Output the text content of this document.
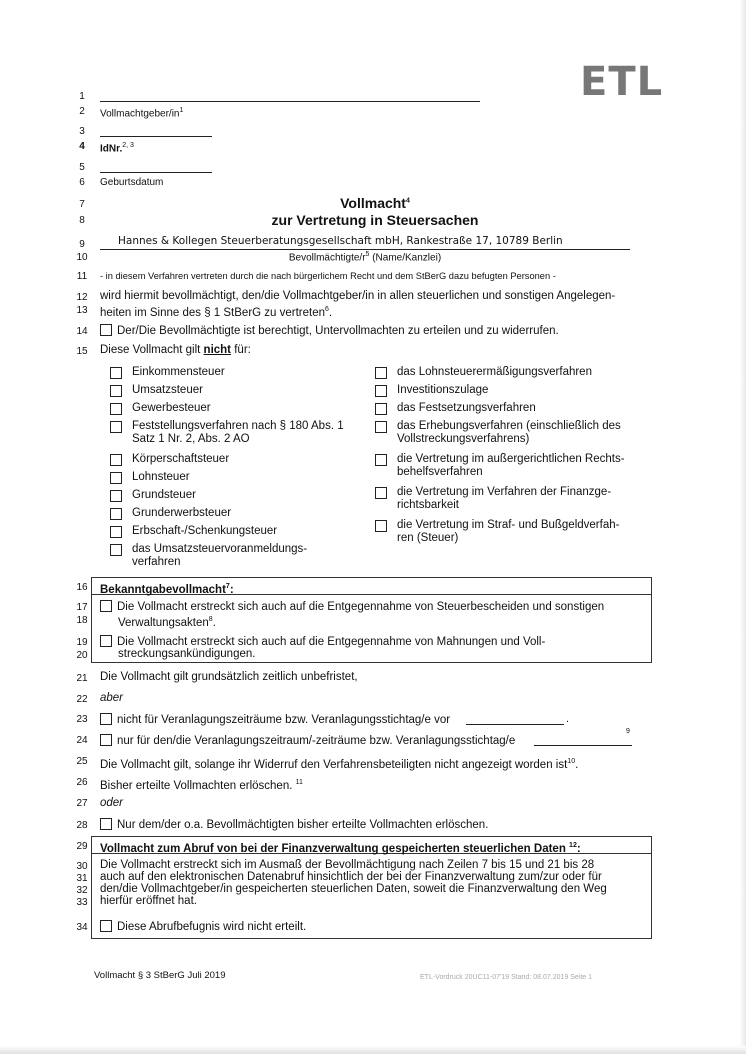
ETL
1
2
3
4
5
6
7
8
9
10
11
12
13
14
15
16
17
18
19
20
21
22
23
24
25
26
27
28
29
30
31
32
33
34
Vollmachtgeber/$in^1$
IdNr.$^{2, 3}$
Geburtsdatum
Vollmacht$^4$
zur Vertretung in Steuersachen
Hannes & Kollegen Steuerberatungsgesellschaft mbH, Rankestraße 17, 10789 Berlin
Bevollmächtigte/$r^5$ (Name/Kanzlei)
- in diesem Verfahren vertreten durch die nach bürgerlichem Recht und dem StBerG dazu befugten Personen -
wird hiermit bevollmächtigt, den/die Vollmachtgeber/in in allen steuerlichen und sonstigen Angelegen-
heiten im Sinne des § 1 StBerG zu vertreten$^6$.
Der/Die Bevollmächtigte ist berechtigt, Untervollmachten zu erteilen und zu widerrufen.
Diese Vollmacht gilt nicht für:
Einkommensteuer
Umsatzsteuer
Gewerbesteuer
Feststellungsverfahren nach § 180 Abs. 1
Satz 1 Nr. 2, Abs. 2 AO
Körperschaftsteuer
Lohnsteuer
Grundsteuer
Grunderwerbsteuer
Erbschaft-/Schenkungsteuer
das Umsatzsteuervoranmeldungs-
verfahren
das Lohnsteuerermäßigungsverfahren
Investitionszulage
das Festsetzungsverfahren
das Erhebungsverfahren (einschließlich des
Vollstreckungsverfahrens)
die Vertretung im außergerichtlichen Rechts-
behelfsverfahren
die Vertretung im Verfahren der Finanzge-
richtsbarkeit
die Vertretung im Straf- und Bußgeldverfah-
ren (Steuer)
Bekanntgabevollmacht$^7$:
Die Vollmacht erstreckt sich auch auf die Entgegennahme von Steuerbescheiden und sonstigen
Verwaltungsakten$^8$.
Die Vollmacht erstreckt sich auch auf die Entgegennahme von Mahnungen und Voll-
streckungsankündigungen.
Die Vollmacht gilt grundsätzlich zeitlich unbefristet,
aber
nicht für Veranlagungszeiträume bzw. Veranlagungsstichtag/e vor	.
nur für den/die Veranlagungszeitraum/-zeiträume bzw. Veranlagungsstichtag/e
9
Die Vollmacht gilt, solange ihr Widerruf den Verfahrensbeteiligten nicht angezeigt worden ist$^{10}$.
Bisher erteilte Vollmachten erlöschen. $^{11}$
oder
Nur dem/der o.a. Bevollmächtigten bisher erteilte Vollmachten erlöschen.
Vollmacht zum Abruf von bei der Finanzverwaltung gespeicherten steuerlichen Daten $^{12}$:
Die Vollmacht erstreckt sich im Ausmaß der Bevollmächtigung nach Zeilen 7 bis 15 und 21 bis 28
auch auf den elektronischen Datenabruf hinsichtlich der bei der Finanzverwaltung zum/zur oder für
den/die Vollmachtgeber/in gespeicherten steuerlichen Daten, soweit die Finanzverwaltung den Weg
hierfür eröffnet hat.
Diese Abrufbefugnis wird nicht erteilt.
Vollmacht § 3 StBerG Juli 2019	ETL-Vordruck 20UC11-07'19 Stand: 08.07.2019 Seite 1
